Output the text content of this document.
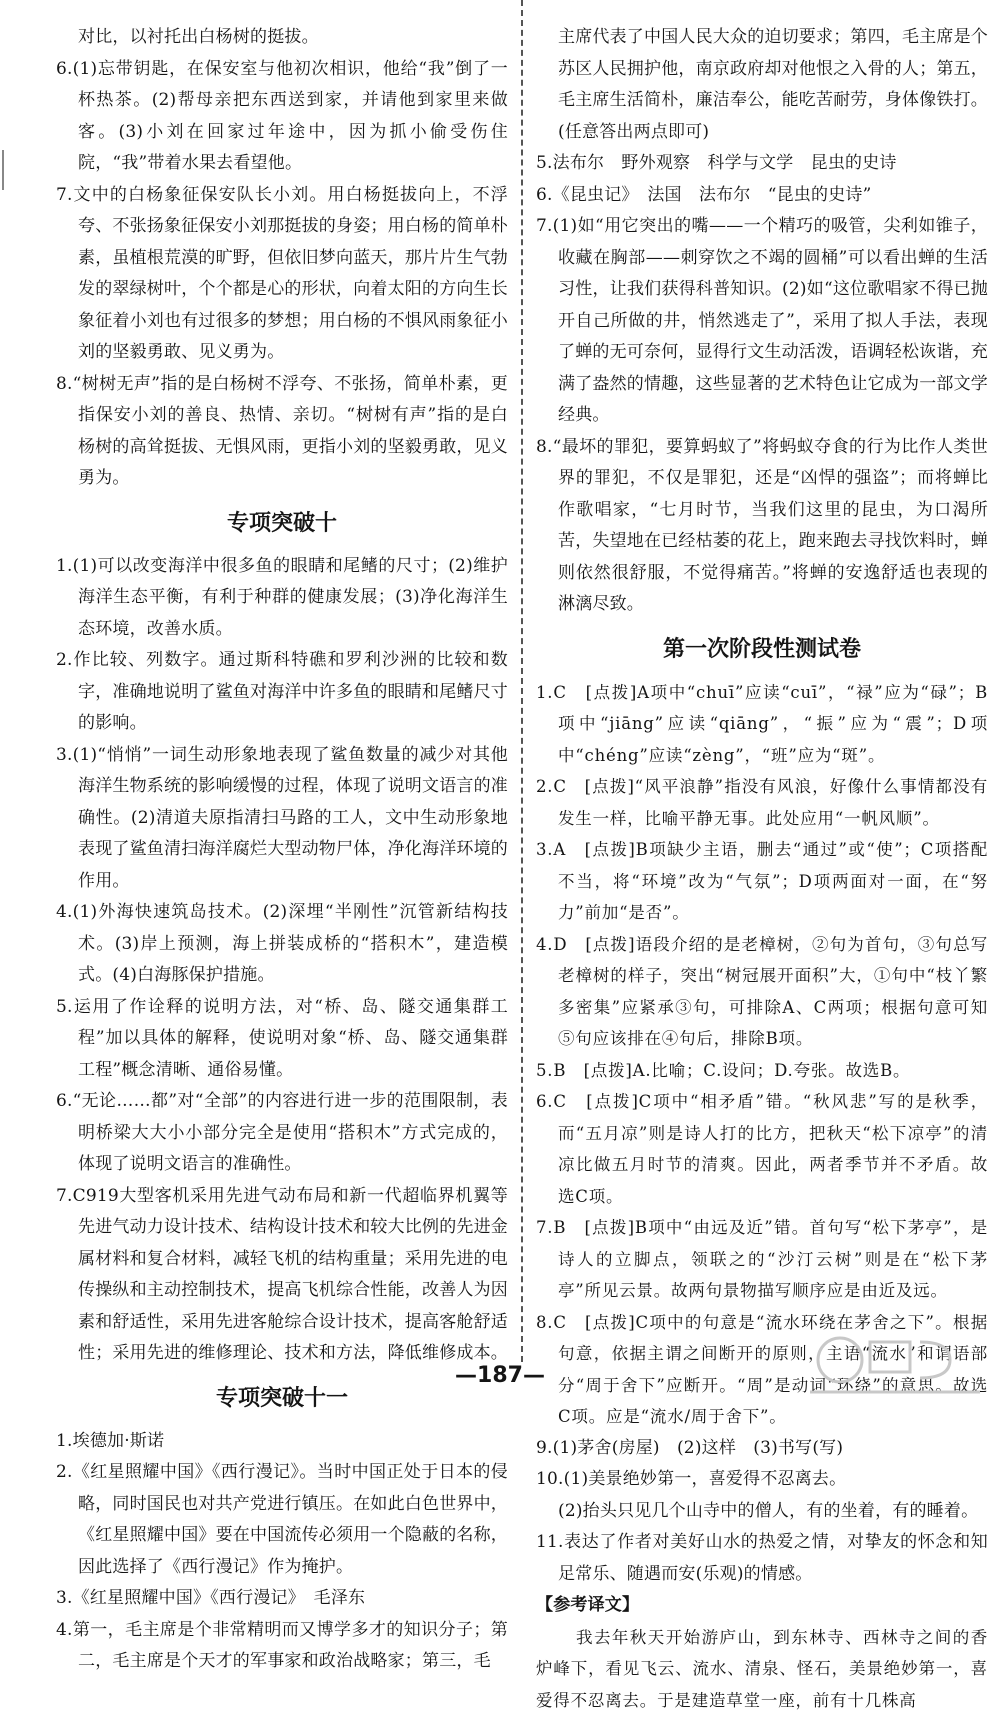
对比，以衬托出白杨树的挺拔。

6.(1)忘带钥匙，在保安室与他初次相识，他给“我”倒了一杯热茶。(2)帮母亲把东西送到家，并请他到家里来做客。(3)小刘在回家过年途中，因为抓小偷受伤住院，“我”带着水果去看望他。

7.文中的白杨象征保安队长小刘。用白杨挺拔向上，不浮夸、不张扬象征保安小刘那挺拔的身姿；用白杨的简单朴素，虽植根荒漠的旷野，但依旧梦向蓝天，那片片生气勃发的翠绿树叶，个个都是心的形状，向着太阳的方向生长象征着小刘也有过很多的梦想；用白杨的不惧风雨象征小刘的坚毅勇敢、见义勇为。

8.“树树无声”指的是白杨树不浮夸、不张扬，简单朴素，更指保安小刘的善良、热情、亲切。“树树有声”指的是白杨树的高耸挺拔、无惧风雨，更指小刘的坚毅勇敢，见义勇为。

专项突破十

1.(1)可以改变海洋中很多鱼的眼睛和尾鳍的尺寸；(2)维护海洋生态平衡，有利于种群的健康发展；(3)净化海洋生态环境，改善水质。

2.作比较、列数字。通过斯科特礁和罗利沙洲的比较和数字，准确地说明了鲨鱼对海洋中许多鱼的眼睛和尾鳍尺寸的影响。

3.(1)“悄悄”一词生动形象地表现了鲨鱼数量的减少对其他海洋生物系统的影响缓慢的过程，体现了说明文语言的准确性。(2)清道夫原指清扫马路的工人，文中生动形象地表现了鲨鱼清扫海洋腐烂大型动物尸体，净化海洋环境的作用。

4.(1)外海快速筑岛技术。(2)深埋“半刚性”沉管新结构技术。(3)岸上预测，海上拼装成桥的“搭积木”，建造模式。(4)白海豚保护措施。

5.运用了作诠释的说明方法，对“桥、岛、隧交通集群工程”加以具体的解释，使说明对象“桥、岛、隧交通集群工程”概念清晰、通俗易懂。

6.“无论……都”对“全部”的内容进行进一步的范围限制，表明桥梁大大小小部分完全是使用“搭积木”方式完成的，体现了说明文语言的准确性。

7.C919大型客机采用先进气动布局和新一代超临界机翼等先进气动力设计技术、结构设计技术和较大比例的先进金属材料和复合材料，减轻飞机的结构重量；采用先进的电传操纵和主动控制技术，提高飞机综合性能，改善人为因素和舒适性，采用先进客舱综合设计技术，提高客舱舒适性；采用先进的维修理论、技术和方法，降低维修成本。

专项突破十一

1.埃德加·斯诺

2.《红星照耀中国》《西行漫记》。当时中国正处于日本的侵略，同时国民也对共产党进行镇压。在如此白色世界中，《红星照耀中国》要在中国流传必须用一个隐蔽的名称，因此选择了《西行漫记》作为掩护。

3.《红星照耀中国》《西行漫记》　毛泽东

4.第一，毛主席是个非常精明而又博学多才的知识分子；第二，毛主席是个天才的军事家和政治战略家；第三，毛

主席代表了中国人民大众的迫切要求；第四，毛主席是个苏区人民拥护他，南京政府却对他恨之入骨的人；第五，毛主席生活简朴，廉洁奉公，能吃苦耐劳，身体像铁打。(任意答出两点即可)

5.法布尔　野外观察　科学与文学　昆虫的史诗

6.《昆虫记》　法国　法布尔　“昆虫的史诗”

7.(1)如“用它突出的嘴——一个精巧的吸管，尖利如锥子，收藏在胸部——刺穿饮之不竭的圆桶”可以看出蝉的生活习性，让我们获得科普知识。(2)如“这位歌唱家不得已抛开自己所做的井，悄然逃走了”，采用了拟人手法，表现了蝉的无可奈何，显得行文生动活泼，语调轻松诙谐，充满了盎然的情趣，这些显著的艺术特色让它成为一部文学经典。

8.“最坏的罪犯，要算蚂蚁了”将蚂蚁夺食的行为比作人类世界的罪犯，不仅是罪犯，还是“凶悍的强盗”；而将蝉比作歌唱家，“七月时节，当我们这里的昆虫，为口渴所苦，失望地在已经枯萎的花上，跑来跑去寻找饮料时，蝉则依然很舒服，不觉得痛苦。”将蝉的安逸舒适也表现的淋漓尽致。

第一次阶段性测试卷

1.C　[点拨]A项中“chuī”应读“cuī”，“禄”应为“碌”；B项中“jiāng”应读“qiāng”，“振”应为“震”；D项中“chéng”应读“zèng”，“班”应为“斑”。

2.C　[点拨]“风平浪静”指没有风浪，好像什么事情都没有发生一样，比喻平静无事。此处应用“一帆风顺”。

3.A　[点拨]B项缺少主语，删去“通过”或“使”；C项搭配不当，将“环境”改为“气氛”；D项两面对一面，在“努力”前加“是否”。

4.D　[点拨]语段介绍的是老樟树，②句为首句，③句总写老樟树的样子，突出“树冠展开面积”大，①句中“枝丫繁多密集”应紧承③句，可排除A、C两项；根据句意可知⑤句应该排在④句后，排除B项。

5.B　[点拨]A.比喻；C.设问；D.夸张。故选B。

6.C　[点拨]C项中“相矛盾”错。“秋风悲”写的是秋季，而“五月凉”则是诗人打的比方，把秋天“松下凉亭”的清凉比做五月时节的清爽。因此，两者季节并不矛盾。故选C项。

7.B　[点拨]B项中“由远及近”错。首句写“松下茅亭”，是诗人的立脚点，领联之的“沙汀云树”则是在“松下茅亭”所见云景。故两句景物描写顺序应是由近及远。

8.C　[点拨]C项中的句意是“流水环绕在茅舍之下”。根据句意，依据主谓之间断开的原则，主语“流水”和谓语部分“周于舍下”应断开。“周”是动词“环绕”的意思。故选C项。应是“流水/周于舍下”。

9.(1)茅舍(房屋)　(2)这样　(3)书写(写)

10.(1)美景绝妙第一，喜爱得不忍离去。

(2)抬头只见几个山寺中的僧人，有的坐着，有的睡着。

11.表达了作者对美好山水的热爱之情，对挚友的怀念和知足常乐、随遇而安(乐观)的情感。

【参考译文】

我去年秋天开始游庐山，到东林寺、西林寺之间的香炉峰下，看见飞云、流水、清泉、怪石，美景绝妙第一，喜爱得不忍离去。于是建造草堂一座，前有十几株高

—187—
